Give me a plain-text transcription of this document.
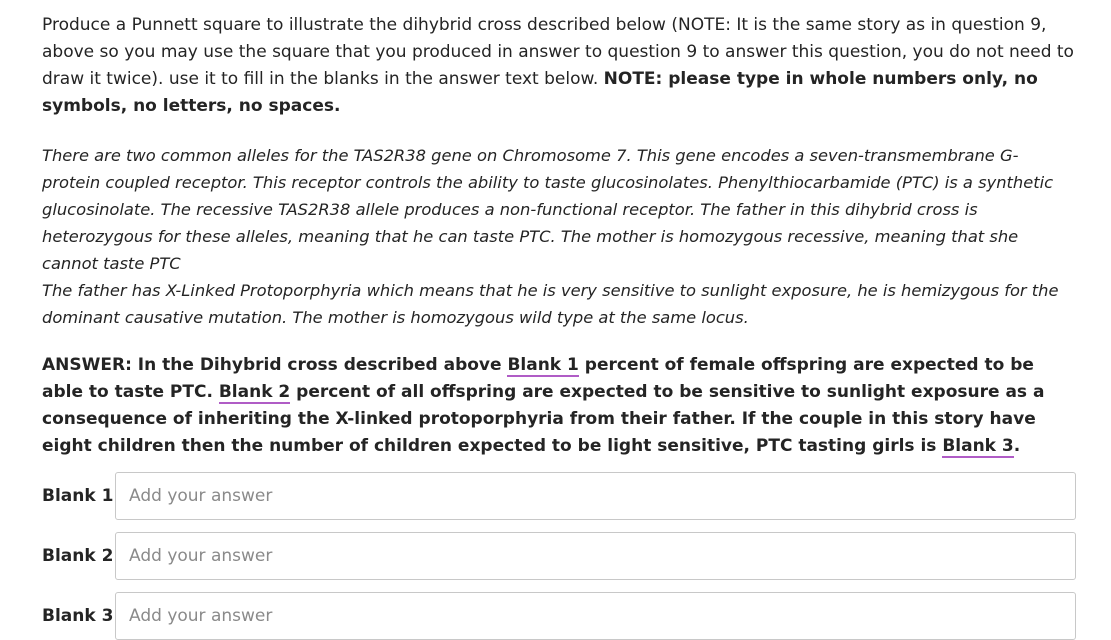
Produce a Punnett square to illustrate the dihybrid cross described below (NOTE: It is the same story as in question 9, above so you may use the square that you produced in answer to question 9 to answer this question, you do not need to draw it twice). use it to fill in the blanks in the answer text below. NOTE: please type in whole numbers only, no symbols, no letters, no spaces.

There are two common alleles for the TAS2R38 gene on Chromosome 7. This gene encodes a seven-transmembrane G-protein coupled receptor. This receptor controls the ability to taste glucosinolates. Phenylthiocarbamide (PTC) is a synthetic glucosinolate. The recessive TAS2R38 allele produces a non-functional receptor. The father in this dihybrid cross is heterozygous for these alleles, meaning that he can taste PTC. The mother is homozygous recessive, meaning that she cannot taste PTC
The father has X-Linked Protoporphyria which means that he is very sensitive to sunlight exposure, he is hemizygous for the dominant causative mutation. The mother is homozygous wild type at the same locus.

ANSWER: In the Dihybrid cross described above Blank 1 percent of female offspring are expected to be able to taste PTC. Blank 2 percent of all offspring are expected to be sensitive to sunlight exposure as a consequence of inheriting the X-linked protoporphyria from their father. If the couple in this story have eight children then the number of children expected to be light sensitive, PTC tasting girls is Blank 3.

Blank 1
Add your answer
Blank 2
Add your answer
Blank 3
Add your answer
